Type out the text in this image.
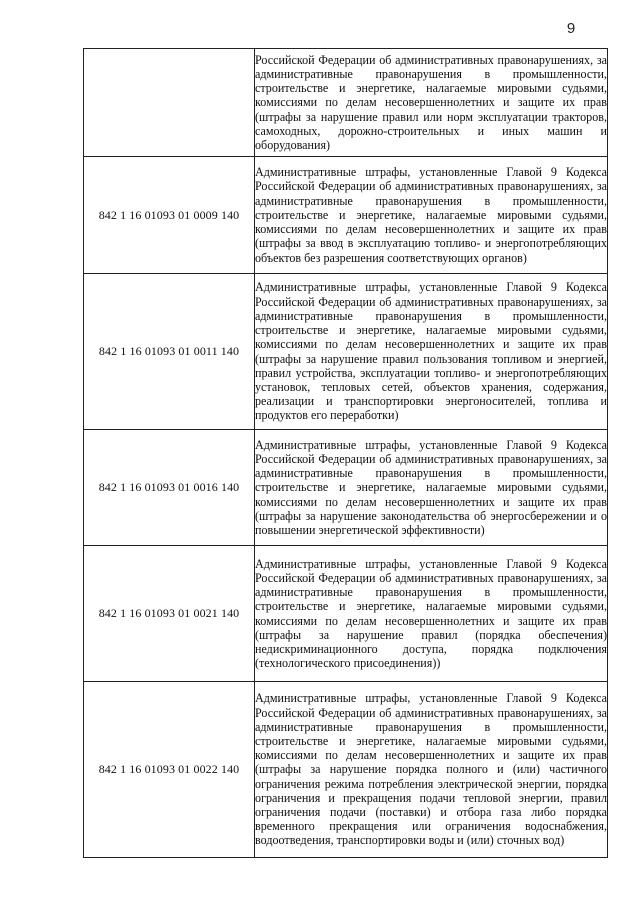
9

	Российской Федерации об административных правонарушениях, за административные правонарушения в промышленности, строительстве и энергетике, налагаемые мировыми судьями, комиссиями по делам несовершеннолетних и защите их прав (штрафы за нарушение правил или норм эксплуатации тракторов, самоходных, дорожно-строительных и иных машин и оборудования)

842 1 16 01093 01 0009 140	Административные штрафы, установленные Главой 9 Кодекса Российской Федерации об административных правонарушениях, за административные правонарушения в промышленности, строительстве и энергетике, налагаемые мировыми судьями, комиссиями по делам несовершеннолетних и защите их прав (штрафы за ввод в эксплуатацию топливо- и энергопотребляющих объектов без разрешения соответствующих органов)

842 1 16 01093 01 0011 140	Административные штрафы, установленные Главой 9 Кодекса Российской Федерации об административных правонарушениях, за административные правонарушения в промышленности, строительстве и энергетике, налагаемые мировыми судьями, комиссиями по делам несовершеннолетних и защите их прав (штрафы за нарушение правил пользования топливом и энергией, правил устройства, эксплуатации топливо- и энергопотребляющих установок, тепловых сетей, объектов хранения, содержания, реализации и транспортировки энергоносителей, топлива и продуктов его переработки)

842 1 16 01093 01 0016 140	Административные штрафы, установленные Главой 9 Кодекса Российской Федерации об административных правонарушениях, за административные правонарушения в промышленности, строительстве и энергетике, налагаемые мировыми судьями, комиссиями по делам несовершеннолетних и защите их прав (штрафы за нарушение законодательства об энергосбережении и о повышении энергетической эффективности)

842 1 16 01093 01 0021 140	Административные штрафы, установленные Главой 9 Кодекса Российской Федерации об административных правонарушениях, за административные правонарушения в промышленности, строительстве и энергетике, налагаемые мировыми судьями, комиссиями по делам несовершеннолетних и защите их прав (штрафы за нарушение правил (порядка обеспечения) недискриминационного доступа, порядка подключения (технологического присоединения))

842 1 16 01093 01 0022 140	Административные штрафы, установленные Главой 9 Кодекса Российской Федерации об административных правонарушениях, за административные правонарушения в промышленности, строительстве и энергетике, налагаемые мировыми судьями, комиссиями по делам несовершеннолетних и защите их прав (штрафы за нарушение порядка полного и (или) частичного ограничения режима потребления электрической энергии, порядка ограничения и прекращения подачи тепловой энергии, правил ограничения подачи (поставки) и отбора газа либо порядка временного прекращения или ограничения водоснабжения, водоотведения, транспортировки воды и (или) сточных вод)
